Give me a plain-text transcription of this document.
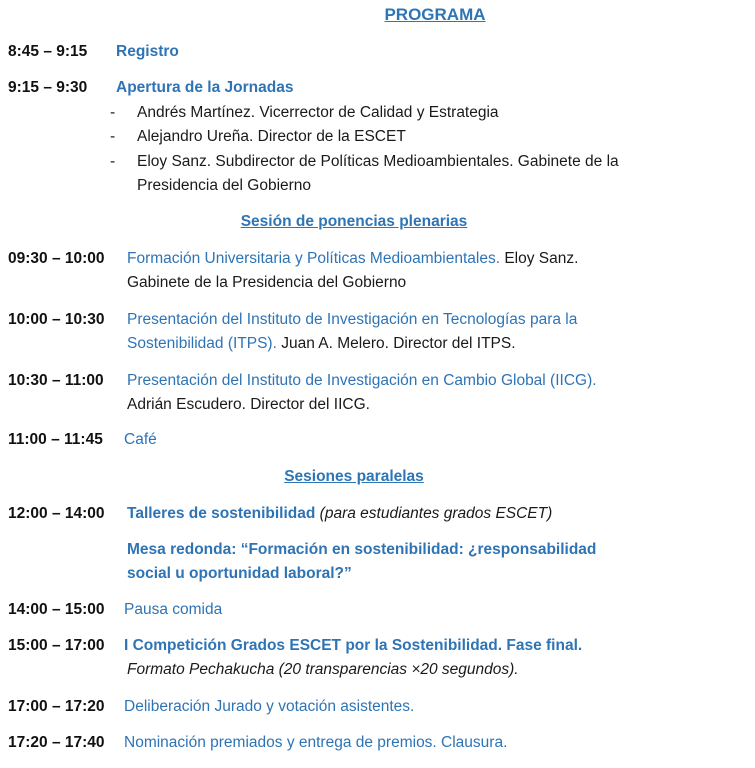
PROGRAMA
8:45 – 9:15 Registro
9:15 – 9:30 Apertura de la Jornadas
- Andrés Martínez. Vicerrector de Calidad y Estrategia
- Alejandro Ureña. Director de la ESCET
- Eloy Sanz. Subdirector de Políticas Medioambientales. Gabinete de la
Presidencia del Gobierno
Sesión de ponencias plenarias
09:30 – 10:00 Formación Universitaria y Políticas Medioambientales. Eloy Sanz.
Gabinete de la Presidencia del Gobierno
10:00 – 10:30 Presentación del Instituto de Investigación en Tecnologías para la
Sostenibilidad (ITPS). Juan A. Melero. Director del ITPS.
10:30 – 11:00 Presentación del Instituto de Investigación en Cambio Global (IICG).
Adrián Escudero. Director del IICG.
11:00 – 11:45 Café
Sesiones paralelas
12:00 – 14:00 Talleres de sostenibilidad (para estudiantes grados ESCET)
Mesa redonda: “Formación en sostenibilidad: ¿responsabilidad
social u oportunidad laboral?”
14:00 – 15:00 Pausa comida
15:00 – 17:00 I Competición Grados ESCET por la Sostenibilidad. Fase final.
Formato Pechakucha (20 transparencias ×20 segundos).
17:00 – 17:20 Deliberación Jurado y votación asistentes.
17:20 – 17:40 Nominación premiados y entrega de premios. Clausura.
